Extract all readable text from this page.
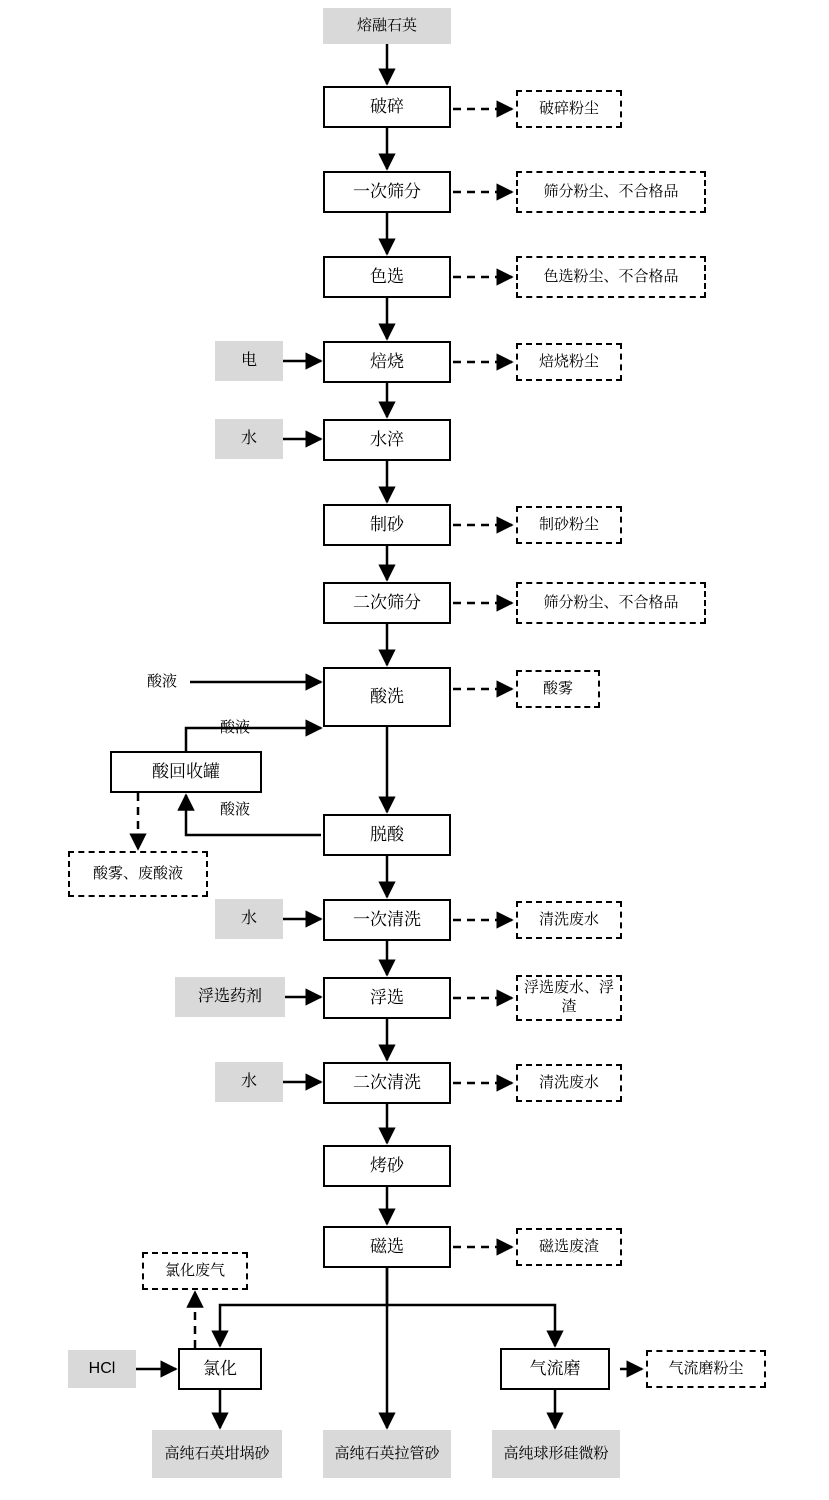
熔融石英
破碎
一次筛分
色选
焙烧
水淬
制砂
二次筛分
酸洗
酸回收罐
脱酸
一次清洗
浮选
二次清洗
烤砂
磁选
氯化	气流磨
电
水
水
浮选药剂
水
HCl
破碎粉尘
筛分粉尘、不合格品
色选粉尘、不合格品
焙烧粉尘
制砂粉尘
筛分粉尘、不合格品
酸雾
酸雾、废酸液
清洗废水
浮选废水、浮渣
清洗废水
磁选废渣
氯化废气
气流磨粉尘
高纯石英坩埚砂	高纯石英拉管砂	高纯球形硅微粉
酸液
酸液
酸液
